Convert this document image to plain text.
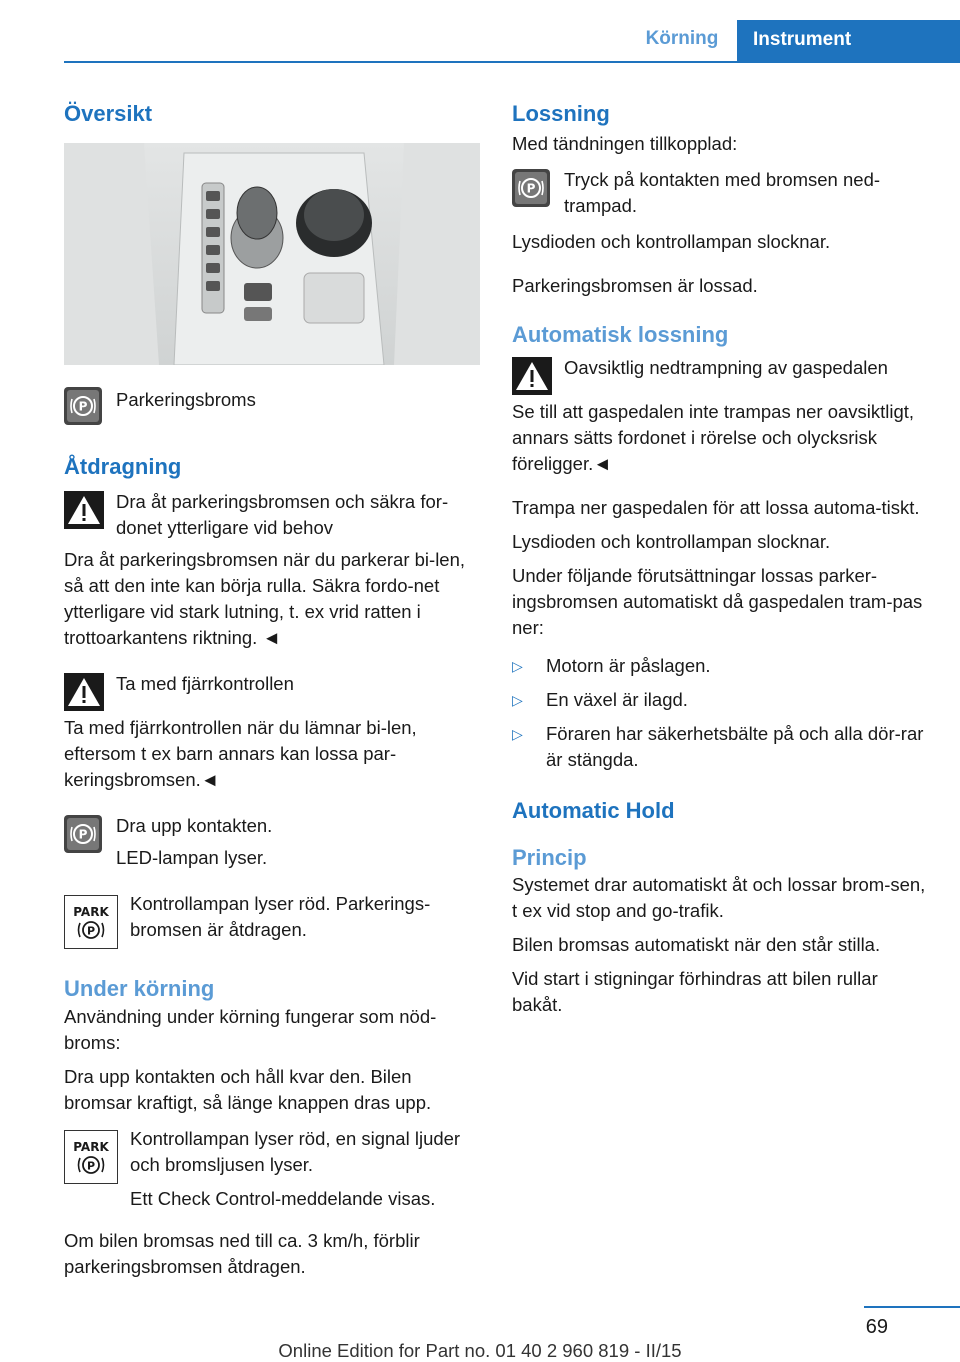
Körning	Instrument
Översikt
P Parkeringsbroms

Åtdragning

Dra åt parkeringsbromsen och säkra for-donet ytterligare vid behov

Dra åt parkeringsbromsen när du parkerar bi-len, så att den inte kan börja rulla. Säkra fordo-net ytterligare vid stark lutning, t. ex vrid ratten i trottoarkantens riktning. ◄

Ta med fjärrkontrollen

Ta med fjärrkontrollen när du lämnar bi-len, eftersom t ex barn annars kan lossa par-keringsbromsen.◄

P Dra upp kontakten.

LED-lampan lyser.

PARK
P

Kontrollampan lyser röd. Parkerings-bromsen är åtdragen.

Under körning

Användning under körning fungerar som nöd-broms:

Dra upp kontakten och håll kvar den. Bilen bromsar kraftigt, så länge knappen dras upp.

PARK
P

Kontrollampan lyser röd, en signal ljuder och bromsljusen lyser.

Ett Check Control-meddelande visas.

Om bilen bromsas ned till ca. 3 km/h, förblir parkeringsbromsen åtdragen.

Lossning

Med tändningen tillkopplad:

P Tryck på kontakten med bromsen ned-trampad.

Lysdioden och kontrollampan slocknar.

Parkeringsbromsen är lossad.

Automatisk lossning

Oavsiktlig nedtrampning av gaspedalen

Se till att gaspedalen inte trampas ner oavsiktligt, annars sätts fordonet i rörelse och olycksrisk föreligger.◄

Trampa ner gaspedalen för att lossa automa-tiskt.

Lysdioden och kontrollampan slocknar.

Under följande förutsättningar lossas parker-ingsbromsen automatiskt då gaspedalen tram-pas ner:

▷	Motorn är påslagen.
▷	En växel är ilagd.
▷	Föraren har säkerhetsbälte på och alla dör-rar är stängda.
Automatic Hold
Princip

Systemet drar automatiskt åt och lossar brom-sen, t ex vid stop and go-trafik.

Bilen bromsas automatiskt när den står stilla.

Vid start i stigningar förhindras att bilen rullar bakåt.

69
Online Edition for Part no. 01 40 2 960 819 - II/15
